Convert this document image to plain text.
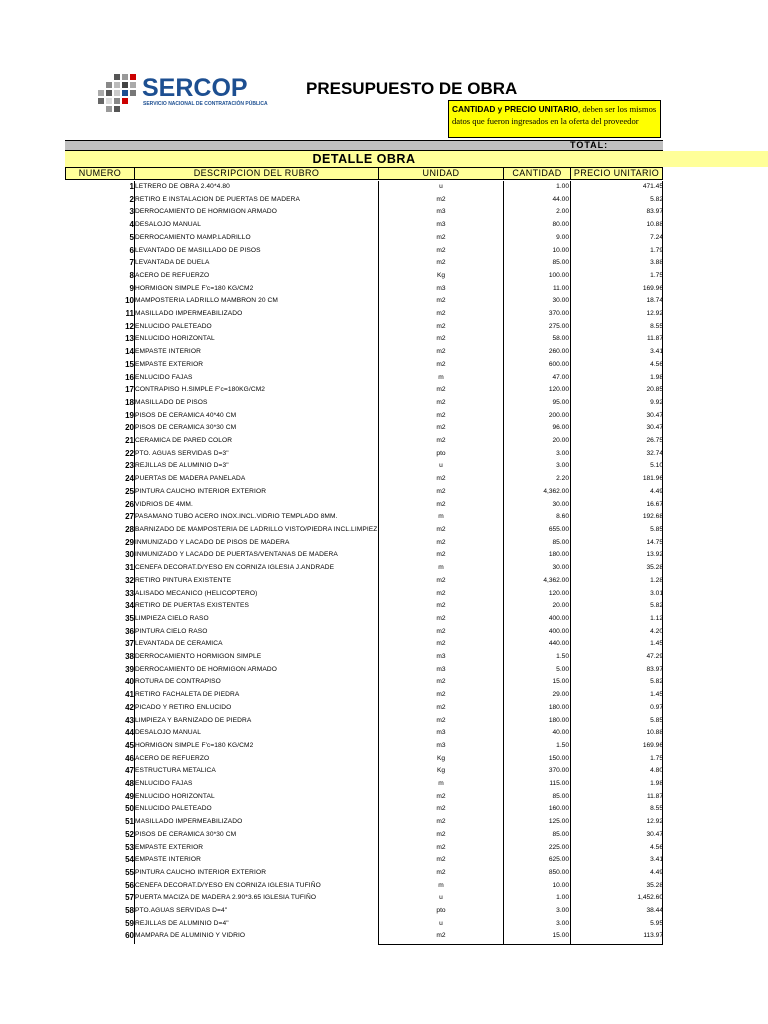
SERCOP
SERVICIO NACIONAL DE CONTRATACIÓN PÚBLICA
PRESUPUESTO DE OBRA
CANTIDAD y PRECIO UNITARIO, deben ser los mismos datos que fueron ingresados en la oferta del proveedor
TOTAL:
DETALLE OBRA
NUMERO	DESCRIPCION DEL RUBRO	UNIDAD	CANTIDAD	PRECIO UNITARIO
1 LETRERO DE OBRA 2.40*4.80	u	1.00	471.45
2 RETIRO E INSTALACION DE PUERTAS DE MADERA	m2	44.00	5.82
3 DERROCAMIENTO DE HORMIGON ARMADO	m3	2.00	83.97
4 DESALOJO MANUAL	m3	80.00	10.88
5 DERROCAMIENTO MAMP.LADRILLO	m2	9.00	7.24
6 LEVANTADO DE MASILLADO DE PISOS	m2	10.00	1.79
7 LEVANTADA DE DUELA	m2	85.00	3.88
8 ACERO DE REFUERZO	Kg	100.00	1.75
9 HORMIGON SIMPLE F'c=180 KG/CM2	m3	11.00	169.96
10 MAMPOSTERIA LADRILLO MAMBRON 20 CM	m2	30.00	18.74
11 MASILLADO IMPERMEABILIZADO	m2	370.00	12.92
12 ENLUCIDO PALETEADO	m2	275.00	8.55
13 ENLUCIDO HORIZONTAL	m2	58.00	11.87
14 EMPASTE INTERIOR	m2	260.00	3.41
15 EMPASTE EXTERIOR	m2	600.00	4.56
16 ENLUCIDO FAJAS	m	47.00	1.98
17 CONTRAPISO H.SIMPLE F'c=180KG/CM2	m2	120.00	20.85
18 MASILLADO DE PISOS	m2	95.00	9.92
19 PISOS DE CERAMICA 40*40 CM	m2	200.00	30.47
20 PISOS DE CERAMICA 30*30 CM	m2	96.00	30.47
21 CERAMICA DE PARED COLOR	m2	20.00	26.75
22 PTO. AGUAS SERVIDAS D=3"	pto	3.00	32.74
23 REJILLAS DE ALUMINIO D=3"	u	3.00	5.10
24 PUERTAS DE MADERA PANELADA	m2	2.20	181.96
25 PINTURA CAUCHO INTERIOR EXTERIOR	m2	4,362.00	4.49
26 VIDRIOS DE 4MM.	m2	30.00	16.67
27 PASAMANO TUBO ACERO INOX.INCL.VIDRIO TEMPLADO 8MM.	m	8.60	192.68
28 BARNIZADO DE MAMPOSTERIA DE LADRILLO VISTO/PIEDRA INCL.LIMPIEZ	m2	655.00	5.85
29 INMUNIZADO Y LACADO DE PISOS DE MADERA	m2	85.00	14.75
30 INMUNIZADO Y LACADO DE PUERTAS/VENTANAS DE MADERA	m2	180.00	13.92
31 CENEFA DECORAT.D/YESO EN CORNIZA IGLESIA J.ANDRADE	m	30.00	35.28
32 RETIRO PINTURA EXISTENTE	m2	4,362.00	1.28
33 ALISADO MECANICO (HELICOPTERO)	m2	120.00	3.01
34 RETIRO DE PUERTAS EXISTENTES	m2	20.00	5.82
35 LIMPIEZA CIELO RASO	m2	400.00	1.12
36 PINTURA CIELO RASO	m2	400.00	4.20
37 LEVANTADA DE CERAMICA	m2	440.00	1.45
38 DERROCAMIENTO HORMIGON SIMPLE	m3	1.50	47.29
39 DERROCAMIENTO DE HORMIGON ARMADO	m3	5.00	83.97
40 ROTURA DE CONTRAPISO	m2	15.00	5.82
41 RETIRO FACHALETA DE PIEDRA	m2	29.00	1.45
42 PICADO Y RETIRO ENLUCIDO	m2	180.00	0.97
43 LIMPIEZA Y BARNIZADO DE PIEDRA	m2	180.00	5.85
44 DESALOJO MANUAL	m3	40.00	10.88
45 HORMIGON SIMPLE F'c=180 KG/CM2	m3	1.50	169.96
46 ACERO DE REFUERZO	Kg	150.00	1.75
47 ESTRUCTURA METALICA	Kg	370.00	4.80
48 ENLUCIDO FAJAS	m	115.00	1.98
49 ENLUCIDO HORIZONTAL	m2	85.00	11.87
50 ENLUCIDO PALETEADO	m2	160.00	8.55
51 MASILLADO IMPERMEABILIZADO	m2	125.00	12.92
52 PISOS DE CERAMICA 30*30 CM	m2	85.00	30.47
53 EMPASTE EXTERIOR	m2	225.00	4.56
54 EMPASTE INTERIOR	m2	625.00	3.41
55 PINTURA CAUCHO INTERIOR EXTERIOR	m2	850.00	4.49
56 CENEFA DECORAT.D/YESO EN CORNIZA IGLESIA TUFIÑO	m	10.00	35.28
57 PUERTA MACIZA DE MADERA 2.90*3.65 IGLESIA TUFIÑO	u	1.00	1,452.60
58 PTO.AGUAS SERVIDAS D=4"	pto	3.00	38.44
59 REJILLAS DE ALUMINIO D=4"	u	3.00	5.95
60 MAMPARA DE ALUMINIO Y VIDRIO	m2	15.00	113.97
